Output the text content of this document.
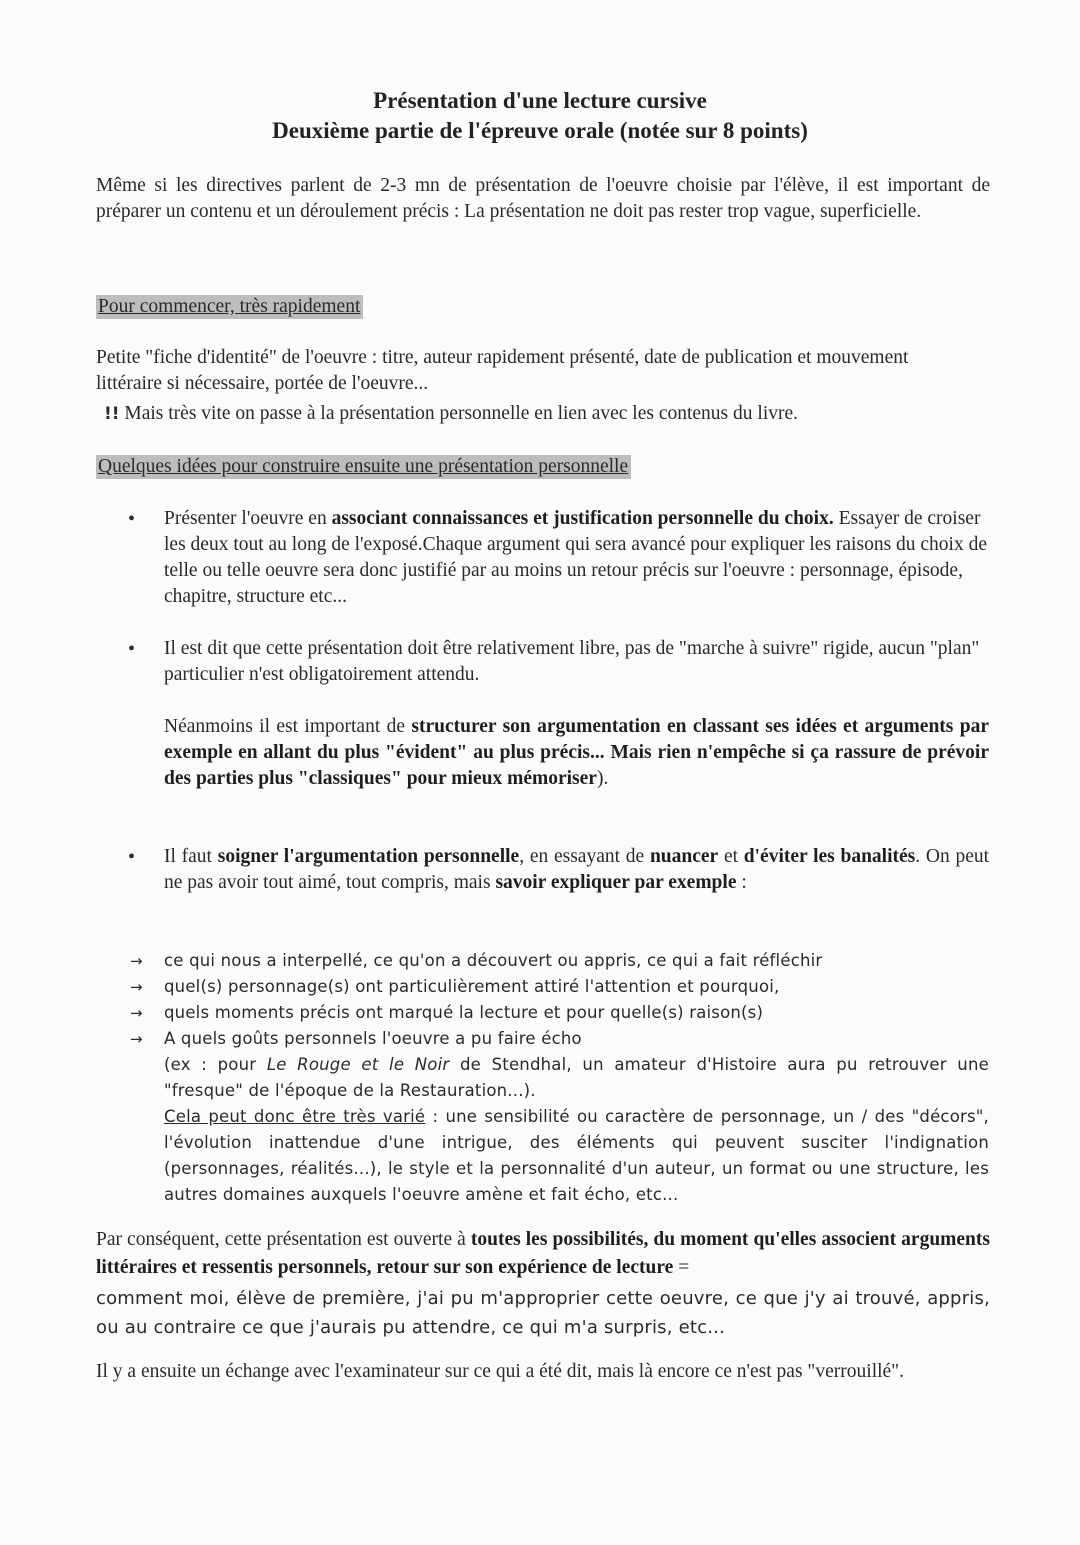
Présentation d'une lecture cursive
Deuxième partie de l'épreuve orale (notée sur 8 points)

Même si les directives parlent de 2-3 mn de présentation de l'oeuvre choisie par l'élève, il est important de préparer un contenu et un déroulement précis : La présentation ne doit pas rester trop vague, superficielle.

Pour commencer, très rapidement

Petite "fiche d'identité" de l'oeuvre : titre, auteur rapidement présenté, date de publication et mouvement littéraire si nécessaire, portée de l'oeuvre...

!! Mais très vite on passe à la présentation personnelle en lien avec les contenus du livre.

Quelques idées pour construire ensuite une présentation personnelle
• Présenter l'oeuvre en associant connaissances et justification personnelle du choix. Essayer de croiser les deux tout au long de l'exposé.Chaque argument qui sera avancé pour expliquer les raisons du choix de telle ou telle oeuvre sera donc justifié par au moins un retour précis sur l'oeuvre : personnage, épisode, chapitre, structure etc...

• Il est dit que cette présentation doit être relativement libre, pas de "marche à suivre" rigide, aucun "plan" particulier n'est obligatoirement attendu.

Néanmoins il est important de structurer son argumentation en classant ses idées et arguments par exemple en allant du plus "évident" au plus précis... Mais rien n'empêche si ça rassure de prévoir des parties plus "classiques" pour mieux mémoriser).

• Il faut soigner l'argumentation personnelle, en essayant de nuancer et d'éviter les banalités. On peut ne pas avoir tout aimé, tout compris, mais savoir expliquer par exemple :

→ ce qui nous a interpellé, ce qu'on a découvert ou appris, ce qui a fait réfléchir

→ quel(s) personnage(s) ont particulièrement attiré l'attention et pourquoi,

→ quels moments précis ont marqué la lecture et pour quelle(s) raison(s)

→ A quels goûts personnels l'oeuvre a pu faire écho

(ex : pour Le Rouge et le Noir de Stendhal, un amateur d'Histoire aura pu retrouver une "fresque" de l'époque de la Restauration...).

Cela peut donc être très varié : une sensibilité ou caractère de personnage, un / des "décors", l'évolution inattendue d'une intrigue, des éléments qui peuvent susciter l'indignation (personnages, réalités...), le style et la personnalité d'un auteur, un format ou une structure, les autres domaines auxquels l'oeuvre amène et fait écho, etc...

Par conséquent, cette présentation est ouverte à toutes les possibilités, du moment qu'elles associent arguments littéraires et ressentis personnels, retour sur son expérience de lecture =

comment moi, élève de première, j'ai pu m'approprier cette oeuvre, ce que j'y ai trouvé, appris, ou au contraire ce que j'aurais pu attendre, ce qui m'a surpris, etc...

Il y a ensuite un échange avec l'examinateur sur ce qui a été dit, mais là encore ce n'est pas "verrouillé".
